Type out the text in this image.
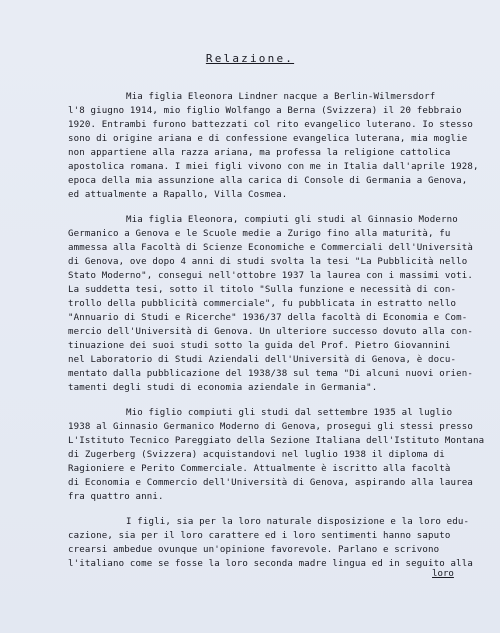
Relazione.
Mia figlia Eleonora Lindner nacque a Berlin-Wilmersdorf
l'8 giugno 1914, mio figlio Wolfango a Berna (Svizzera) il 20 febbraio
1920. Entrambi furono battezzati col rito evangelico luterano. Io stesso
sono di origine ariana e di confessione evangelica luterana, mia moglie
non appartiene alla razza ariana, ma professa la religione cattolica
apostolica romana. I miei figli vivono con me in Italia dall'aprile 1928,
epoca della mia assunzione alla carica di Console di Germania a Genova,
ed attualmente a Rapallo, Villa Cosmea.
Mia figlia Eleonora, compiuti gli studi al Ginnasio Moderno
Germanico a Genova e le Scuole medie a Zurigo fino alla maturità, fu
ammessa alla Facoltà di Scienze Economiche e Commerciali dell'Università
di Genova, ove dopo 4 anni di studi svolta la tesi "La Pubblicità nello
Stato Moderno", consegui nell'ottobre 1937 la laurea con i massimi voti.
La suddetta tesi, sotto il titolo "Sulla funzione e necessità di con-
trollo della pubblicità commerciale", fu pubblicata in estratto nello
"Annuario di Studi e Ricerche" 1936/37 della facoltà di Economia e Com-
mercio dell'Università di Genova. Un ulteriore successo dovuto alla con-
tinuazione dei suoi studi sotto la guida del Prof. Pietro Giovannini
nel Laboratorio di Studi Aziendali dell'Università di Genova, è docu-
mentato dalla pubblicazione del 1938/38 sul tema "Di alcuni nuovi orien-
tamenti degli studi di economia aziendale in Germania".
Mio figlio compiuti gli studi dal settembre 1935 al luglio
1938 al Ginnasio Germanico Moderno di Genova, prosegui gli stessi presso
L'Istituto Tecnico Pareggiato della Sezione Italiana dell'Istituto Montana
di Zugerberg (Svizzera) acquistandovi nel luglio 1938 il diploma di
Ragioniere e Perito Commerciale. Attualmente è iscritto alla facoltà
di Economia e Commercio dell'Università di Genova, aspirando alla laurea
fra quattro anni.
I figli, sia per la loro naturale disposizione e la loro edu-
cazione, sia per il loro carattere ed i loro sentimenti hanno saputo
crearsi ambedue ovunque un'opinione favorevole. Parlano e scrivono
l'italiano come se fosse la loro seconda madre lingua ed in seguito alla
loro
